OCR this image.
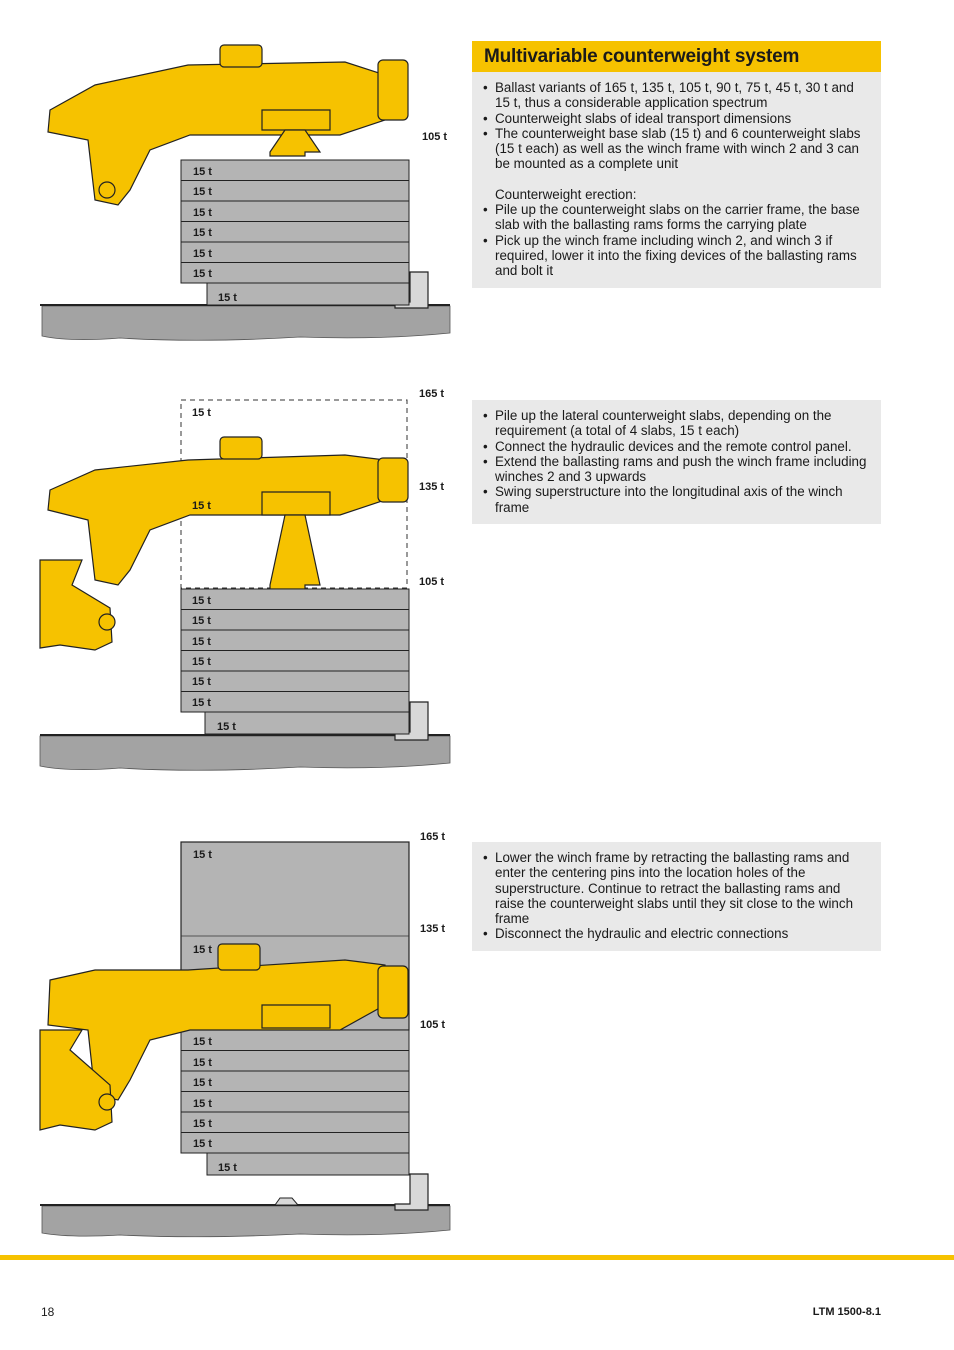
15 t
15 t
15 t
15 t
15 t
15 t
15 t
105 t
15 t
15 t
15 t
15 t
15 t
15 t
15 t
15 t
15 t
165 t
135 t
105 t
15 t
15 t
15 t
15 t
15 t
15 t
15 t
15 t
15 t
165 t
135 t
105 t
Multivariable counterweight system
• Ballast variants of 165 t, 135 t, 105 t, 90 t, 75 t, 45 t, 30 t and 15 t, thus a considerable application spectrum
• Counterweight slabs of ideal transport dimensions
• The counterweight base slab (15 t) and 6 counterweight slabs (15 t each) as well as the winch frame with winch 2 and 3 can be mounted as a complete unit

Counterweight erection:

• Pile up the counterweight slabs on the carrier frame, the base slab with the ballasting rams forms the carrying plate
• Pick up the winch frame including winch 2, and winch 3 if required, lower it into the fixing devices of the ballasting rams and bolt it
• Pile up the lateral counterweight slabs, depending on the requirement (a total of 4 slabs, 15 t each)
• Connect the hydraulic devices and the remote control panel.
• Extend the ballasting rams and push the winch frame including winches 2 and 3 upwards
• Swing superstructure into the longitudinal axis of the winch frame
• Lower the winch frame by retracting the ballasting rams and enter the centering pins into the location holes of the superstructure. Continue to retract the ballasting rams and raise the counterweight slabs until they sit close to the winch frame
• Disconnect the hydraulic and electric connections
18	LTM 1500-8.1
